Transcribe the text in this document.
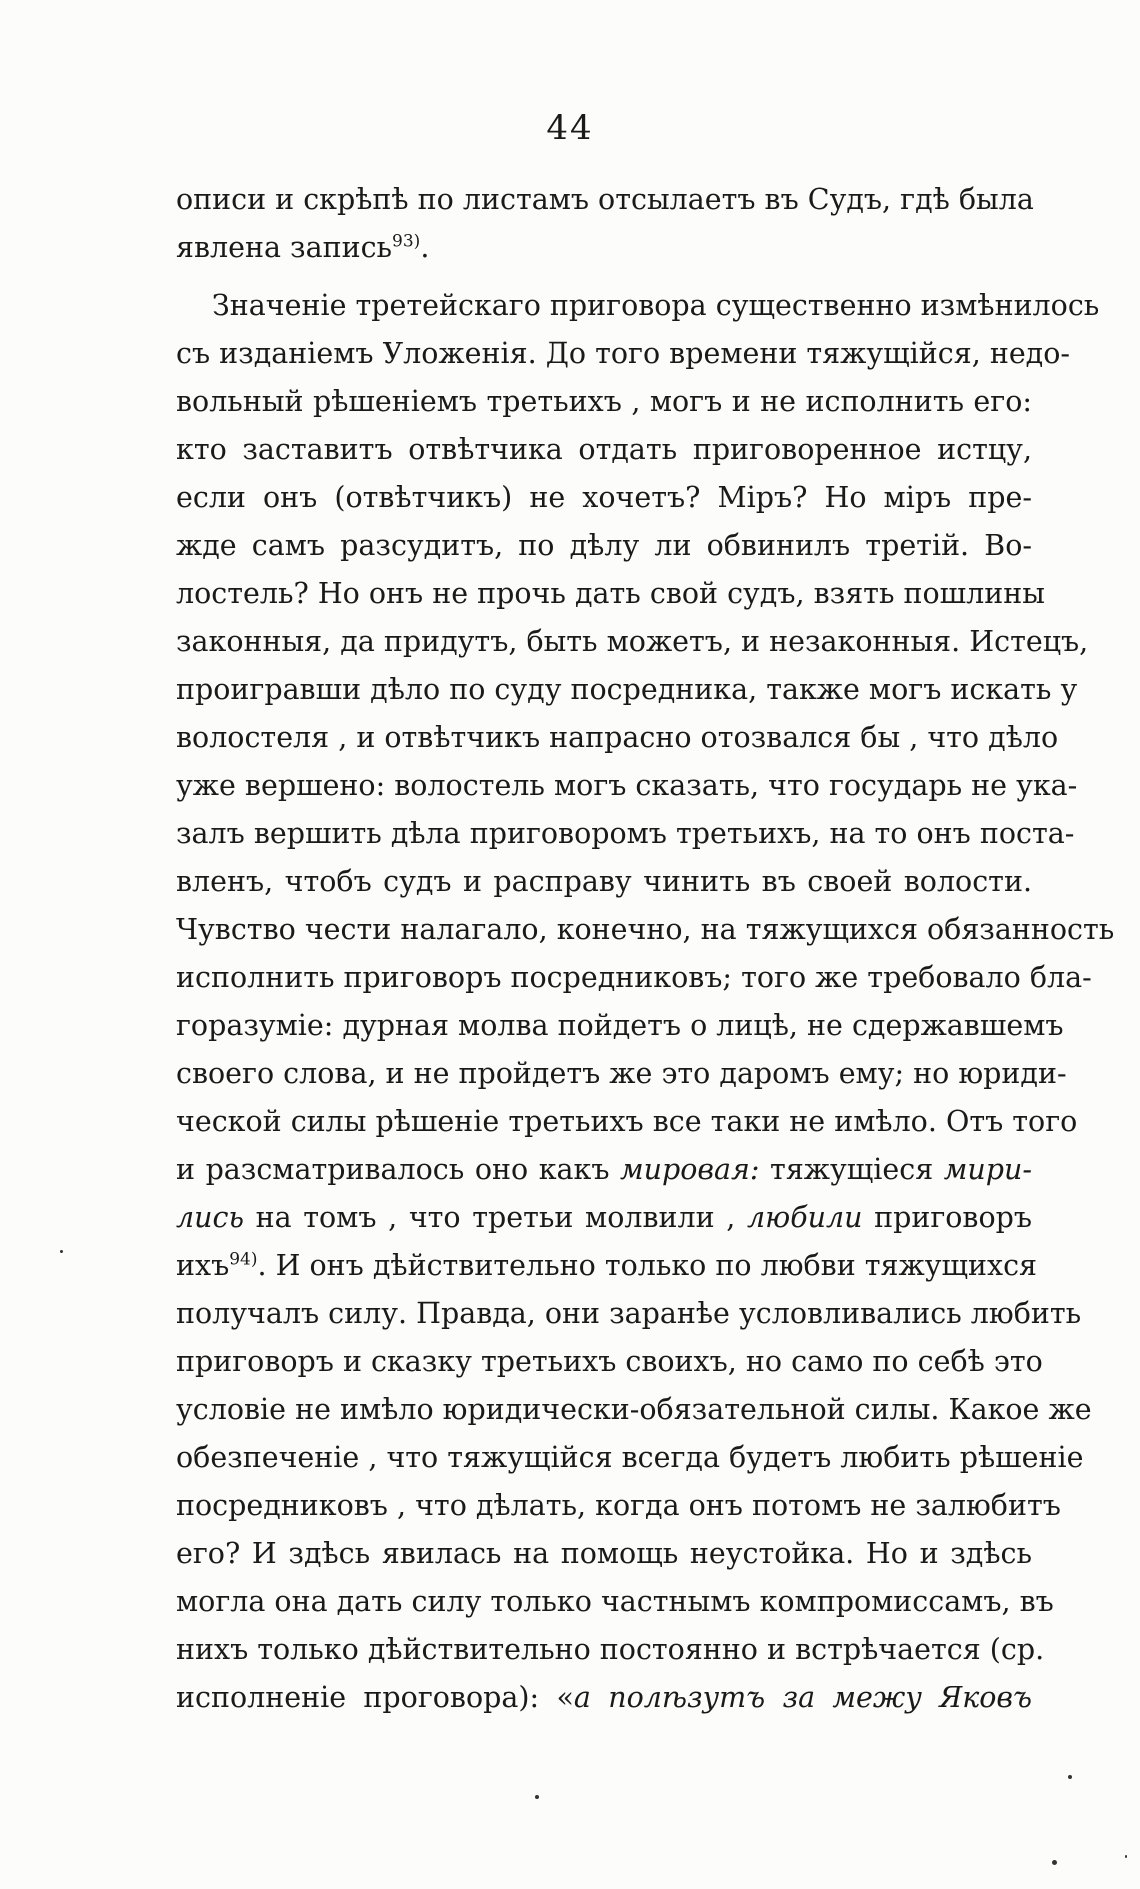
44
описи и скрѣпѣ по листамъ отсылаетъ въ Судъ, гдѣ была
явлена запись$^{93)}$.
Значеніе третейскаго приговора существенно измѣнилось
съ изданіемъ Уложенія. До того времени тяжущійся, недо-
вольный рѣшеніемъ третьихъ , могъ и не исполнить его:
кто заставитъ отвѣтчика отдать приговоренное истцу,
если онъ (отвѣтчикъ) не хочетъ? Міръ? Но міръ пре-
жде самъ разсудитъ, по дѣлу ли обвинилъ третій. Во-
лостель? Но онъ не прочь дать свой судъ, взять пошлины
законныя, да придутъ, быть можетъ, и незаконныя. Истецъ,
проигравши дѣло по суду посредника, также могъ искать у
волостеля , и отвѣтчикъ напрасно отозвался бы , что дѣло
уже вершено: волостель могъ сказать, что государь не ука-
залъ вершить дѣла приговоромъ третьихъ, на то онъ поста-
вленъ, чтобъ судъ и расправу чинить въ своей волости.
Чувство чести налагало, конечно, на тяжущихся обязанность
исполнить приговоръ посредниковъ; того же требовало бла-
горазуміе: дурная молва пойдетъ о лицѣ, не сдержавшемъ
своего слова, и не пройдетъ же это даромъ ему; но юриди-
ческой силы рѣшеніе третьихъ все таки не имѣло. Отъ того
и разсматривалось оно какъ мировая: тяжущіеся мири-
лись на томъ , что третьи молвили , любили приговоръ
ихъ$^{94)}$. И онъ дѣйствительно только по любви тяжущихся
получалъ силу. Правда, они заранѣе условливались любить
приговоръ и сказку третьихъ своихъ, но само по себѣ это
условіе не имѣло юридически-обязательной силы. Какое же
обезпеченіе , что тяжущійся всегда будетъ любить рѣшеніе
посредниковъ , что дѣлать, когда онъ потомъ не залюбитъ
его? И здѣсь явилась на помощь неустойка. Но и здѣсь
могла она дать силу только частнымъ компромиссамъ, въ
нихъ только дѣйствительно постоянно и встрѣчается (ср.
исполненіе проговора): «а полѣзутъ за межу Яковъ
